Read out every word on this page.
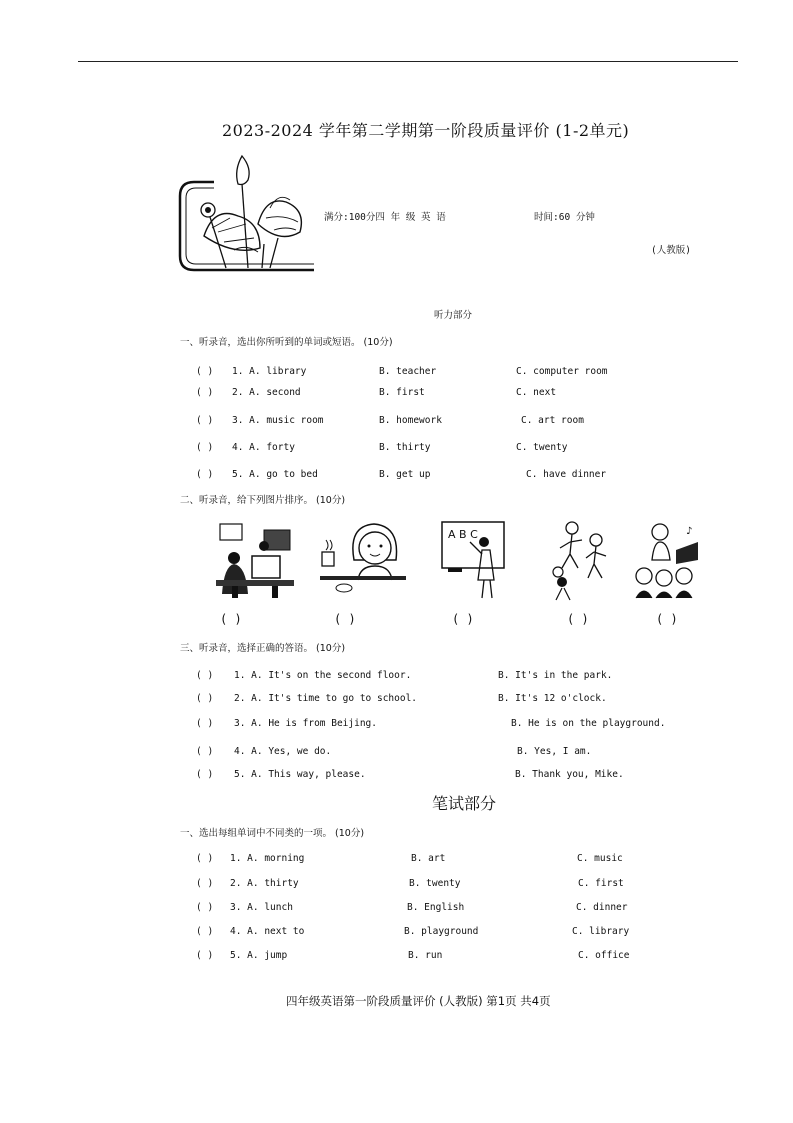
2023-2024 学年第二学期第一阶段质量评价 (1-2单元)
满分:100分四 年 级 英 语	时间:60 分钟
(人教版)
听力部分
一、听录音，选出你所听到的单词或短语。 (10分)
( ) 1. A. library	B. teacher	C. computer room
( ) 2. A. second	B. first	C. next
( ) 3. A. music room	B. homework	C. art room
( ) 4. A. forty	B. thirty	C. twenty
( ) 5. A. go to bed	B. get up	C. have dinner
二、听录音，给下列图片排序。 (10分)
A B C	♪
( )	( )	( )	( )	( )
三、听录音，选择正确的答语。 (10分)
( ) 1. A. It's on the second floor.	B. It's in the park.
( ) 2. A. It's time to go to school.	B. It's 12 o'clock.
( ) 3. A. He is from Beijing.	B. He is on the playground.
( ) 4. A. Yes, we do.	B. Yes, I am.
( ) 5. A. This way, please.	B. Thank you, Mike.
笔试部分
一、选出每组单词中不同类的一项。 (10分)
( ) 1. A. morning	B. art	C. music
( ) 2. A. thirty	B. twenty	C. first
( ) 3. A. lunch	B. English	C. dinner
( ) 4. A. next to	B. playground	C. library
( ) 5. A. jump	B. run	C. office
四年级英语第一阶段质量评价 (人教版) 第1页 共4页
